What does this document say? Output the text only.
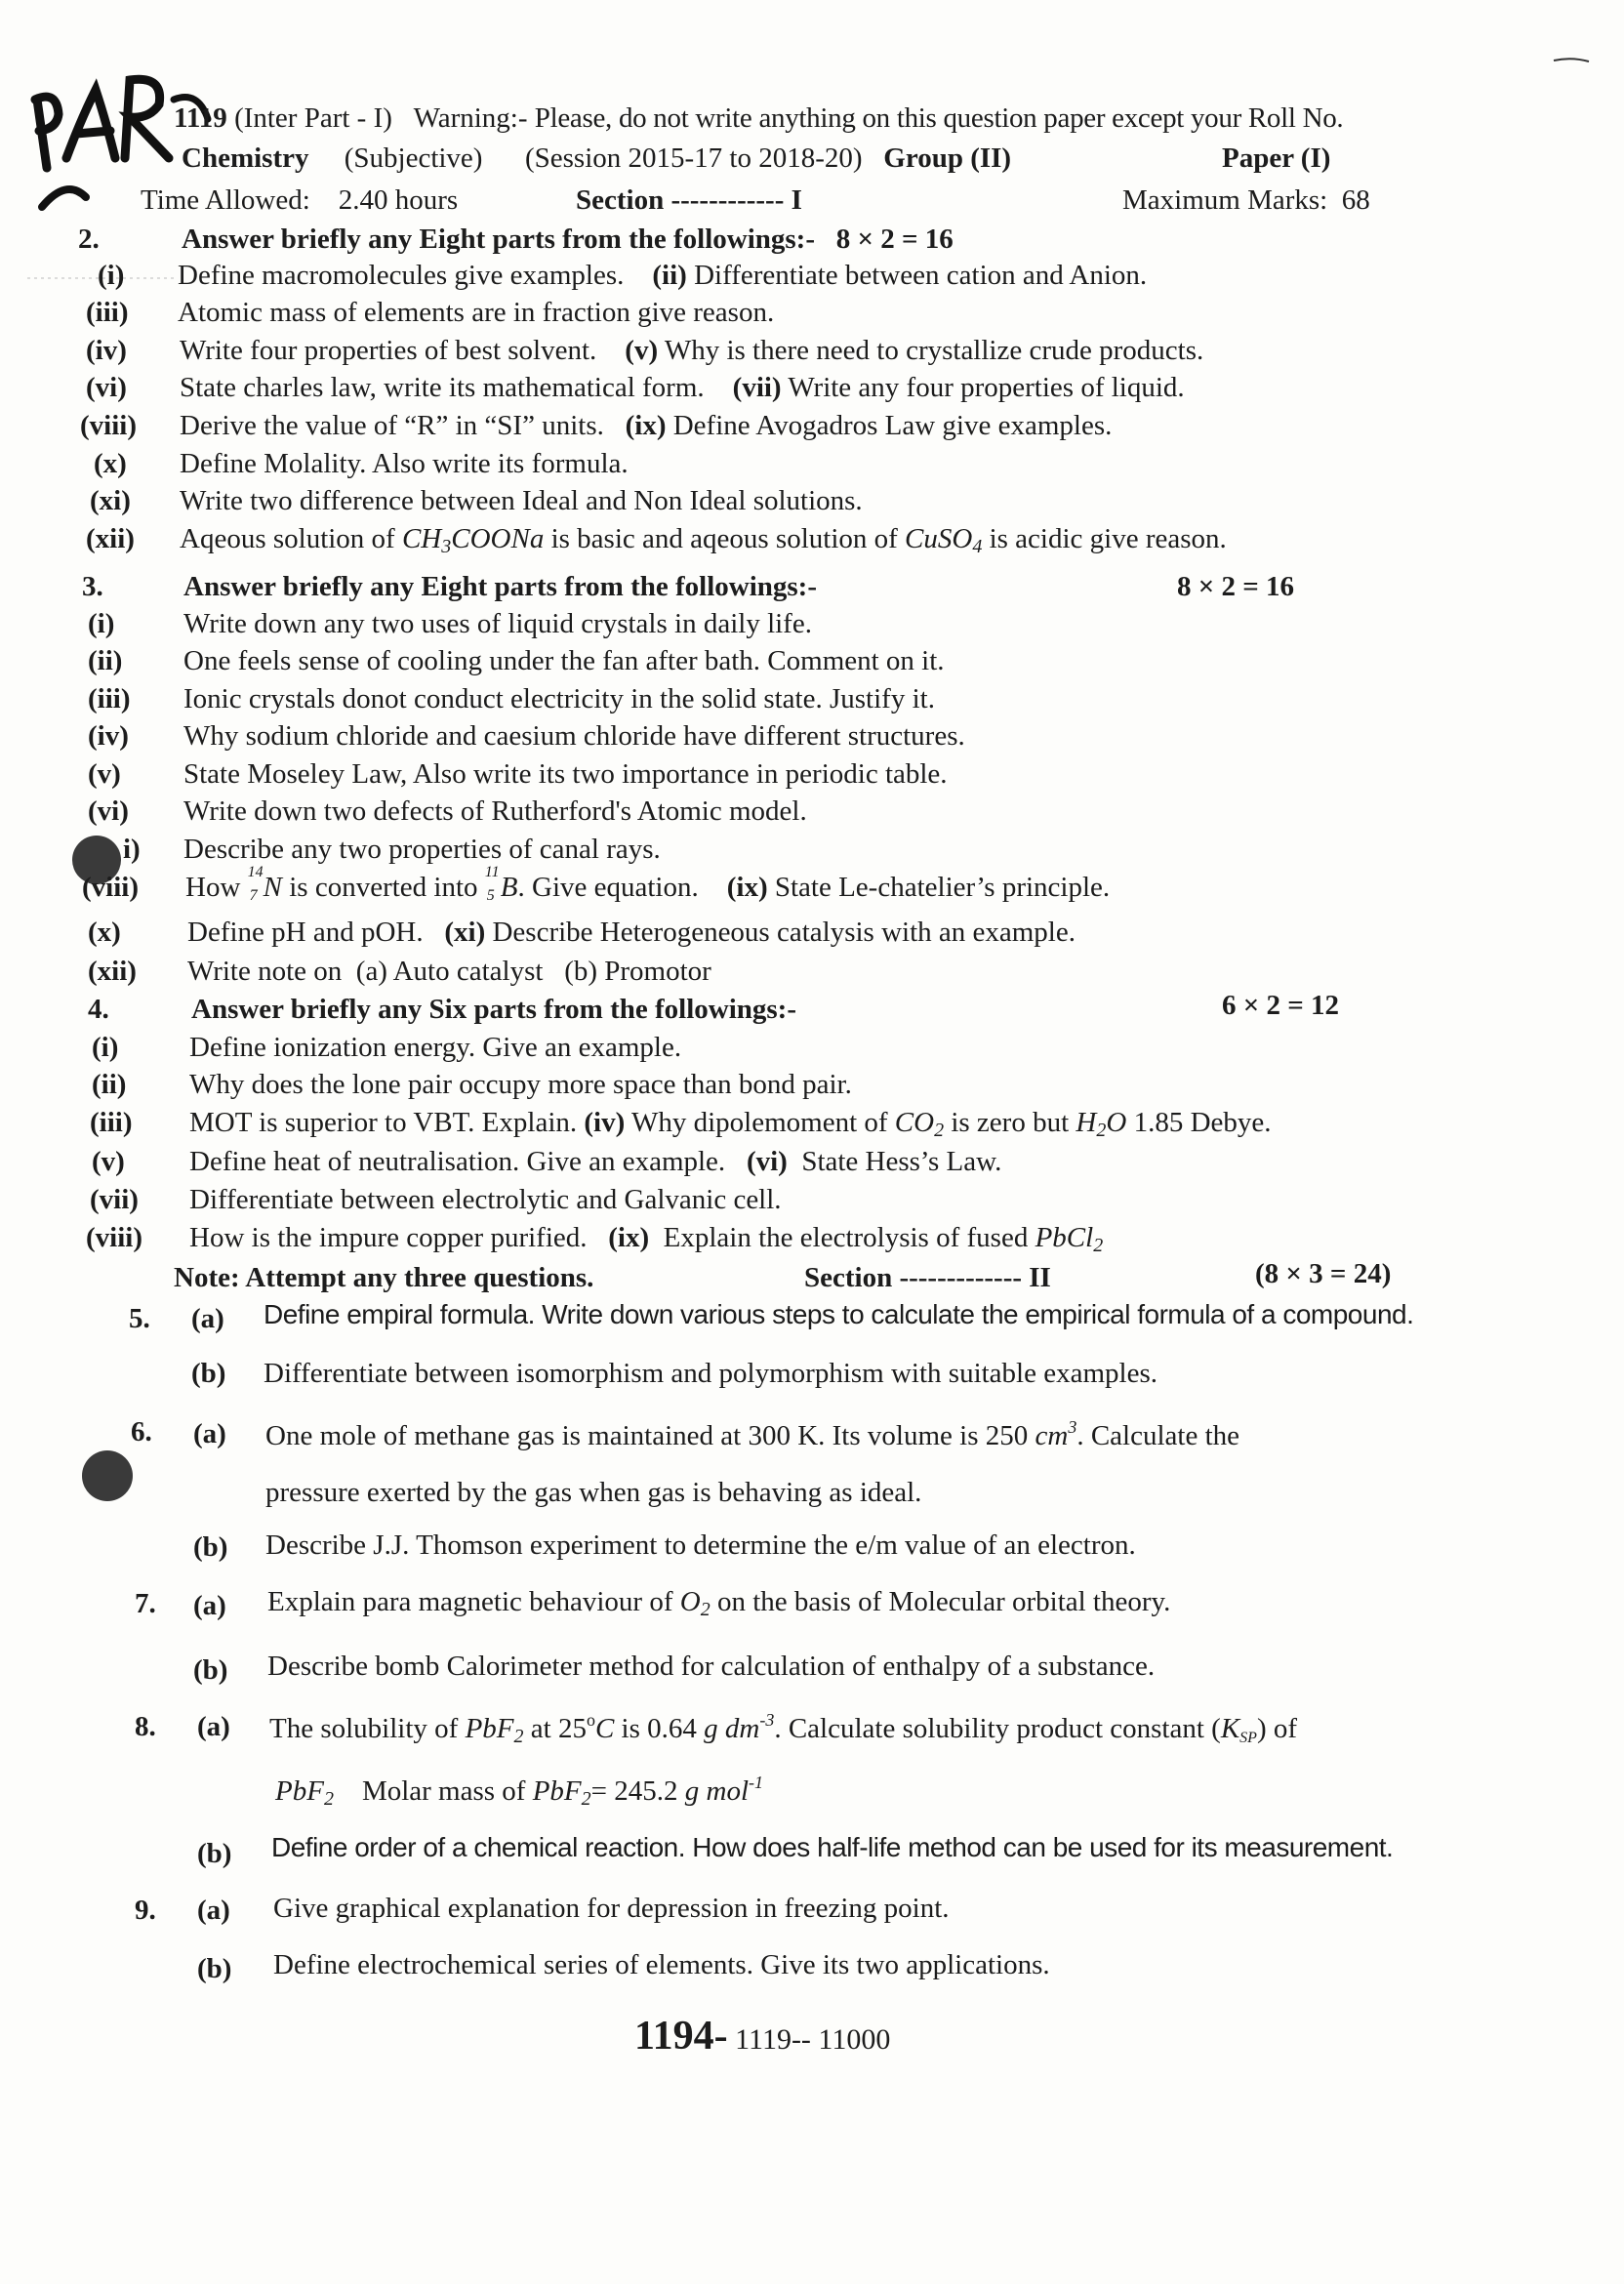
1119 (Inter Part - I) Warning:- Please, do not write anything on this question paper except your Roll No.
Chemistry (Subjective) (Session 2015-17 to 2018-20) Group (II)	Paper (I)
Time Allowed: 2.40 hours	Section ------------ I	Maximum Marks: 68
2.	Answer briefly any Eight parts from the followings:- 8 × 2 = 16
(i) Define macromolecules give examples. (ii) Differentiate between cation and Anion.
(iii) Atomic mass of elements are in fraction give reason.
(iv) Write four properties of best solvent. (v) Why is there need to crystallize crude products.
(vi) State charles law, write its mathematical form. (vii) Write any four properties of liquid.
(viii) Derive the value of “R” in “SI” units. (ix) Define Avogadros Law give examples.
(x) Define Molality. Also write its formula.
(xi) Write two difference between Ideal and Non Ideal solutions.
(xii) Aqeous solution of $CH_3COONa$ is basic and aqeous solution of CuSO$_4$ is acidic give reason.
3.	Answer briefly any Eight parts from the followings:-	8 × 2 = 16
(i) Write down any two uses of liquid crystals in daily life.
(ii) One feels sense of cooling under the fan after bath. Comment on it.
(iii) Ionic crystals donot conduct electricity in the solid state. Justify it.
(iv) Why sodium chloride and caesium chloride have different structures.
(v) State Moseley Law, Also write its two importance in periodic table.
(vi) Write down two defects of Rutherford's Atomic model.
i) Describe any two properties of canal rays.
(viii) How 14
7 N is converted into 11
5 B. Give equation. (ix) State Le-chatelier’s principle.
(x) Define pH and pOH. (xi) Describe Heterogeneous catalysis with an example.
(xii) Write note on  (a) Auto catalyst   (b) Promotor
4.	Answer briefly any Six parts from the followings:-	6 × 2 = 12
(i)	Define ionization energy. Give an example.
(ii) Why does the lone pair occupy more space than bond pair.
(iii) MOT is superior to VBT. Explain. (iv) Why dipolemoment of $CO_2$ is zero but $H_2O$ 1.85 Debye.
(v) Define heat of neutralisation. Give an example. (vi) State Hess’s Law.
(vii) Differentiate between electrolytic and Galvanic cell.
(viii) How is the impure copper purified. (ix) Explain the electrolysis of fused PbCl$_2$
Note: Attempt any three questions.	Section ------------- II	(8 × 3 = 24)
5. (a) Define empiral formula. Write down various steps to calculate the empirical formula of a compound.
(b) Differentiate between isomorphism and polymorphism with suitable examples.
6. (a) One mole of methane gas is maintained at 300 K. Its volume is 250 $cm^3$. Calculate the
pressure exerted by the gas when gas is behaving as ideal.
(b) Describe J.J. Thomson experiment to determine the e/m value of an electron.
7. (a) Explain para magnetic behaviour of $O_2$ on the basis of Molecular orbital theory.
(b) Describe bomb Calorimeter method for calculation of enthalpy of a substance.
8. (a) The solubility of PbF$_2$ at 25$^o$C is 0.64 g $dm^{-3}$. Calculate solubility product constant $(K_{SP})$ of
PbF$_2$ Molar mass of PbF$_2$= 245.2 g mol$^{-1}$
(b) Define order of a chemical reaction. How does half-life method can be used for its measurement.
9. (a) Give graphical explanation for depression in freezing point.
(b) Define electrochemical series of elements. Give its two applications.
1194- 1119-- 11000
